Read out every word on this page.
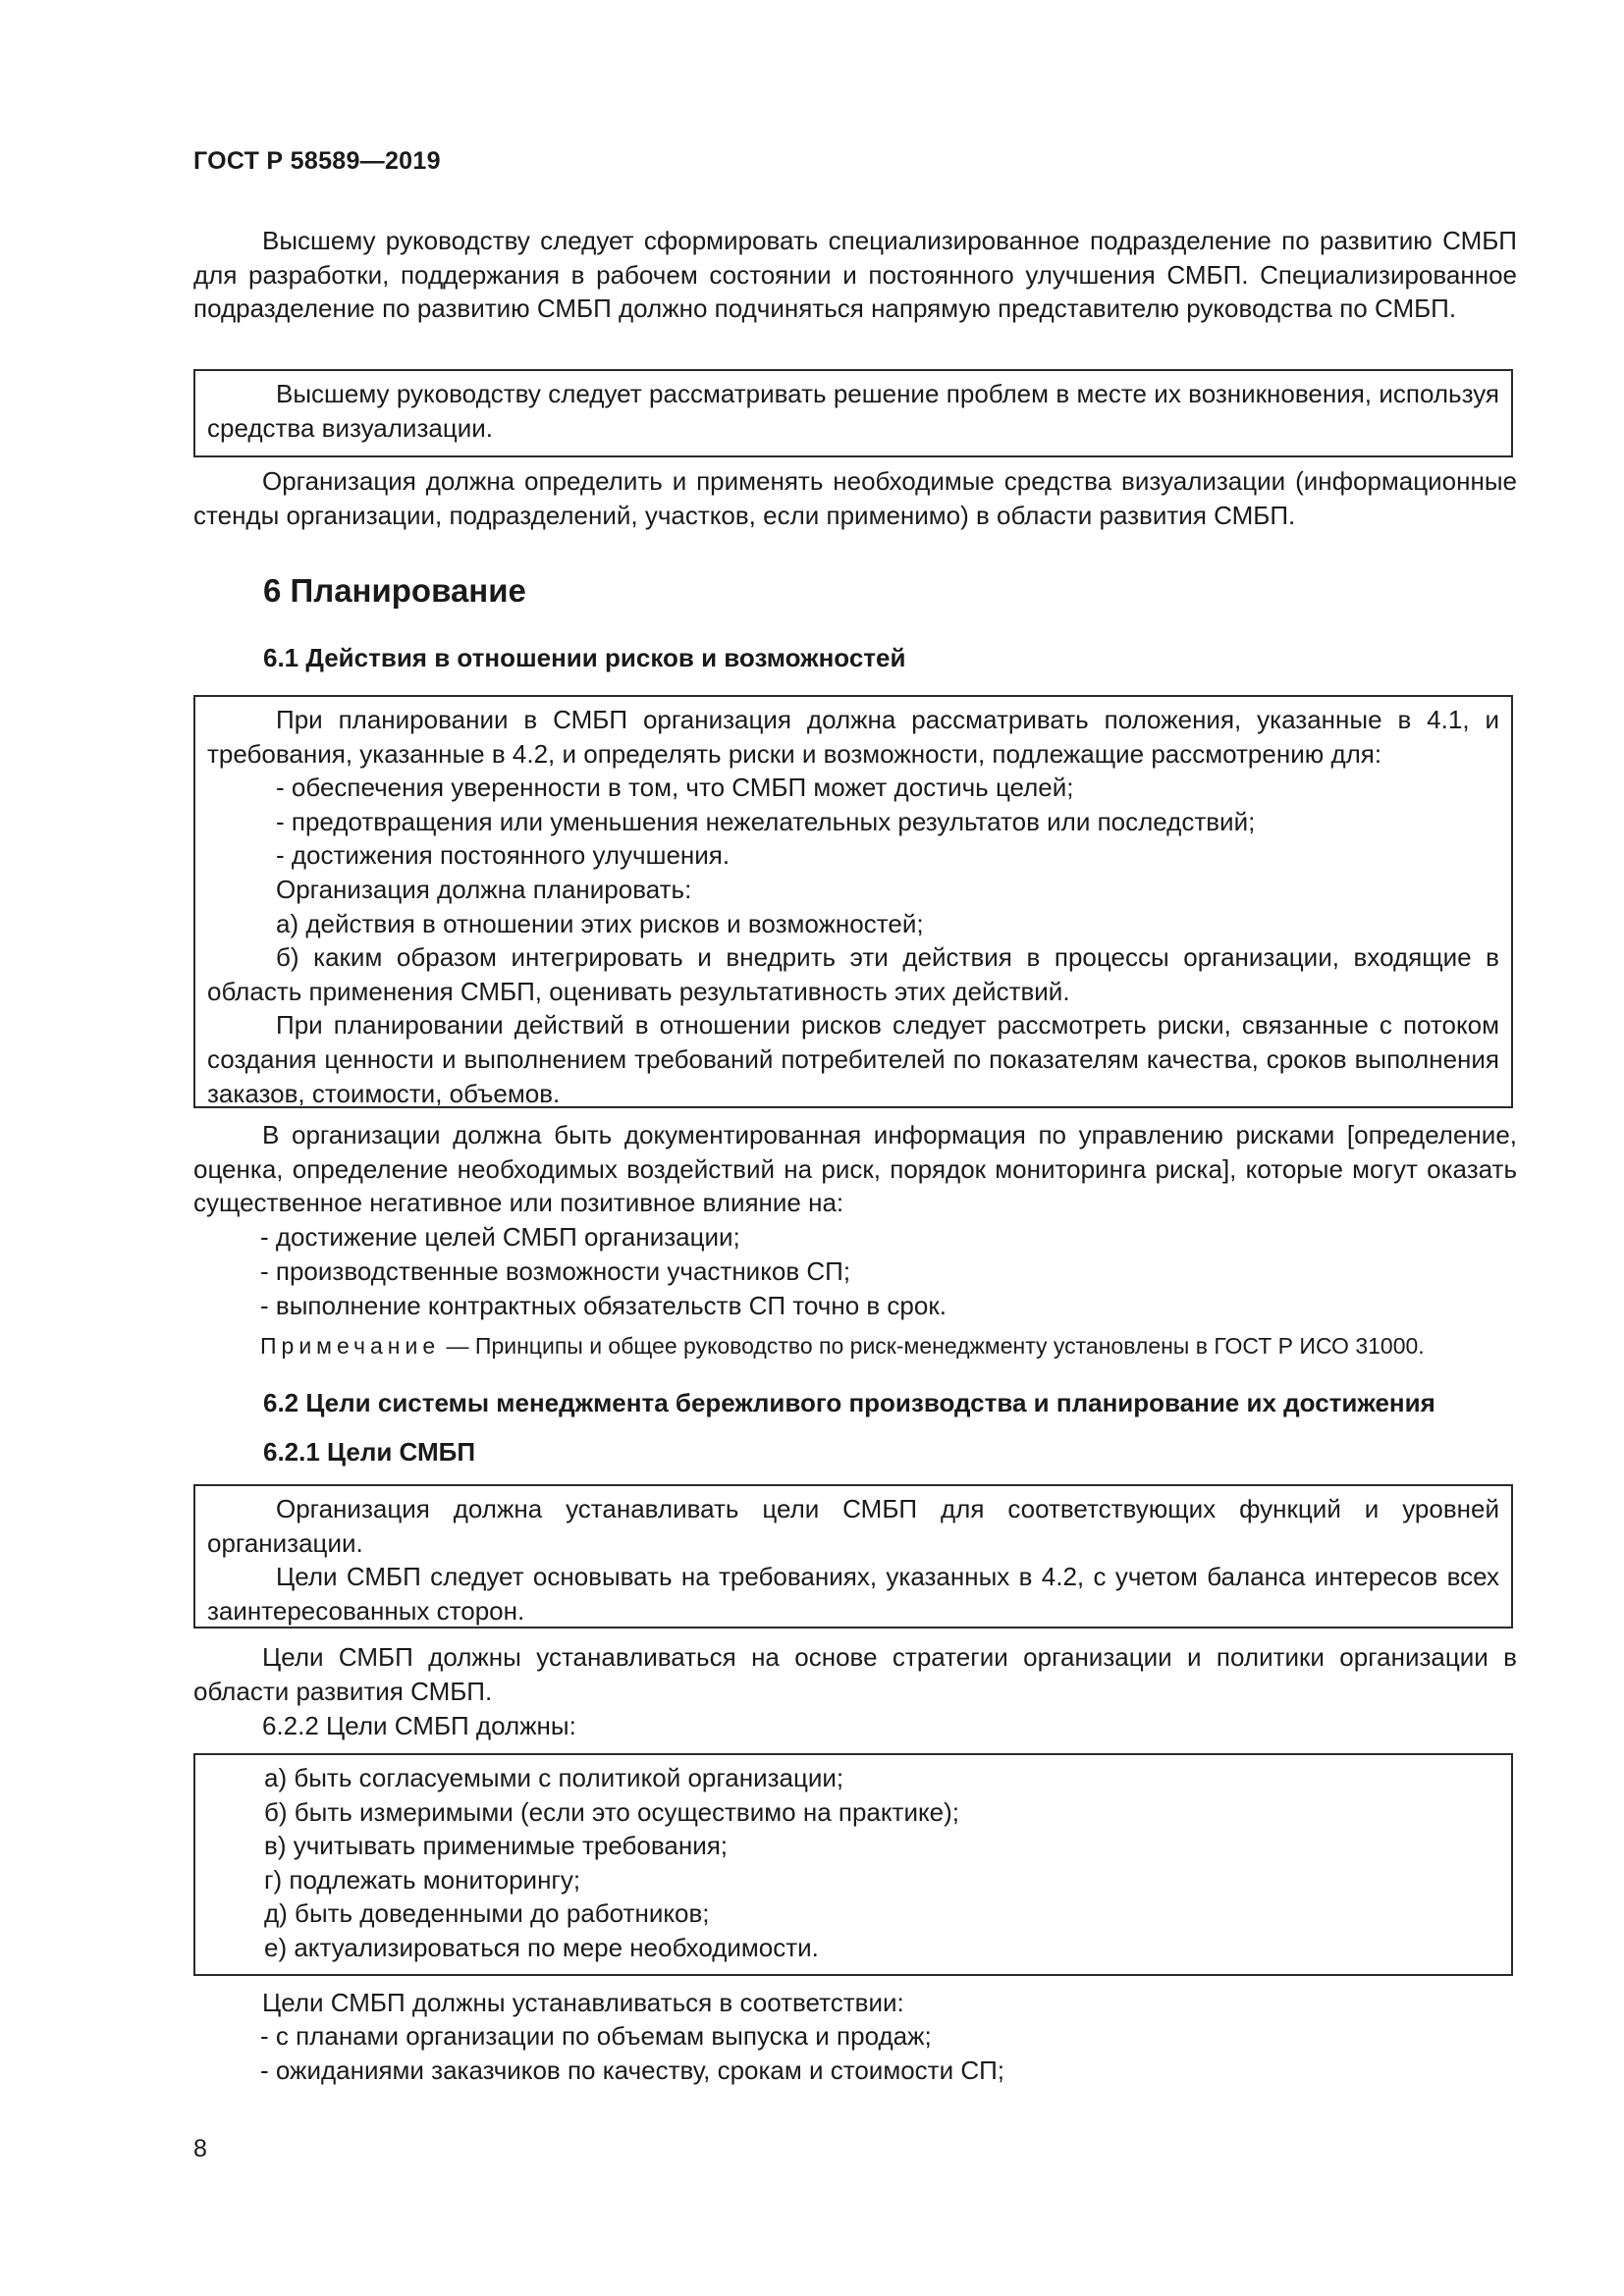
ГОСТ Р 58589—2019
Высшему руководству следует сформировать специализированное подразделение по развитию СМБП для разработки, поддержания в рабочем состоянии и постоянного улучшения СМБП. Специализированное подразделение по развитию СМБП должно подчиняться напрямую представителю руководства по СМБП.
Высшему руководству следует рассматривать решение проблем в месте их возникновения, используя средства визуализации.
Организация должна определить и применять необходимые средства визуализации (информационные стенды организации, подразделений, участков, если применимо) в области развития СМБП.
6 Планирование
6.1 Действия в отношении рисков и возможностей
При планировании в СМБП организация должна рассматривать положения, указанные в 4.1, и требования, указанные в 4.2, и определять риски и возможности, подлежащие рассмотрению для:
- обеспечения уверенности в том, что СМБП может достичь целей;
- предотвращения или уменьшения нежелательных результатов или последствий;
- достижения постоянного улучшения.
Организация должна планировать:
а) действия в отношении этих рисков и возможностей;
б) каким образом интегрировать и внедрить эти действия в процессы организации, входящие в область применения СМБП, оценивать результативность этих действий.
При планировании действий в отношении рисков следует рассмотреть риски, связанные с потоком создания ценности и выполнением требований потребителей по показателям качества, сроков выполнения заказов, стоимости, объемов.
В организации должна быть документированная информация по управлению рисками [определение, оценка, определение необходимых воздействий на риск, порядок мониторинга риска], которые могут оказать существенное негативное или позитивное влияние на:
- достижение целей СМБП организации;
- производственные возможности участников СП;
- выполнение контрактных обязательств СП точно в срок.
Примечание — Принципы и общее руководство по риск-менеджменту установлены в ГОСТ Р ИСО 31000.
6.2 Цели системы менеджмента бережливого производства и планирование их достижения
6.2.1 Цели СМБП
Организация должна устанавливать цели СМБП для соответствующих функций и уровней организации.
Цели СМБП следует основывать на требованиях, указанных в 4.2, с учетом баланса интересов всех заинтересованных сторон.
Цели СМБП должны устанавливаться на основе стратегии организации и политики организации в области развития СМБП.
6.2.2 Цели СМБП должны:
а) быть согласуемыми с политикой организации;
б) быть измеримыми (если это осуществимо на практике);
в) учитывать применимые требования;
г) подлежать мониторингу;
д) быть доведенными до работников;
е) актуализироваться по мере необходимости.
Цели СМБП должны устанавливаться в соответствии:
- с планами организации по объемам выпуска и продаж;
- ожиданиями заказчиков по качеству, срокам и стоимости СП;
8
